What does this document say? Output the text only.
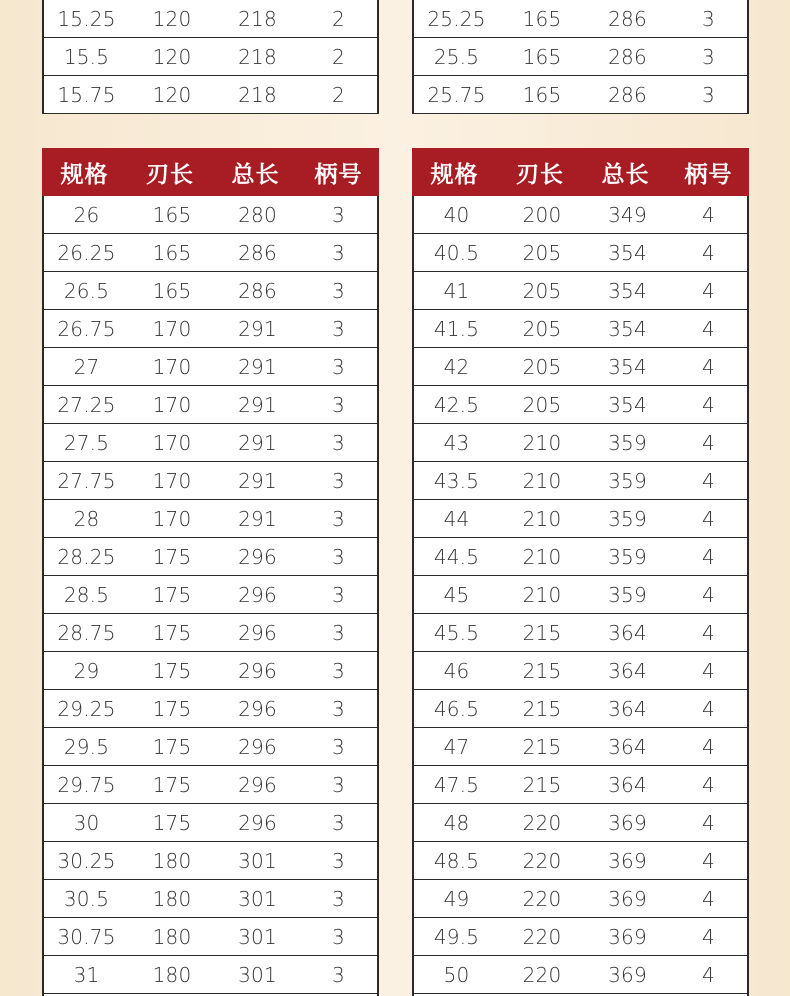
15.25	120	218	2
15.5	120	218	2
15.75	120	218	2
25.25	165	286	3
25.5	165	286	3
25.75	165	286	3
规格	刃长	总长	柄号
26	165	280	3
26.25	165	286	3
26.5	165	286	3
26.75	170	291	3
27	170	291	3
27.25	170	291	3
27.5	170	291	3
27.75	170	291	3
28	170	291	3
28.25	175	296	3
28.5	175	296	3
28.75	175	296	3
29	175	296	3
29.25	175	296	3
29.5	175	296	3
29.75	175	296	3
30	175	296	3
30.25	180	301	3
30.5	180	301	3
30.75	180	301	3
31	180	301	3
规格	刃长	总长	柄号
40	200	349	4
40.5	205	354	4
41	205	354	4
41.5	205	354	4
42	205	354	4
42.5	205	354	4
43	210	359	4
43.5	210	359	4
44	210	359	4
44.5	210	359	4
45	210	359	4
45.5	215	364	4
46	215	364	4
46.5	215	364	4
47	215	364	4
47.5	215	364	4
48	220	369	4
48.5	220	369	4
49	220	369	4
49.5	220	369	4
50	220	369	4
